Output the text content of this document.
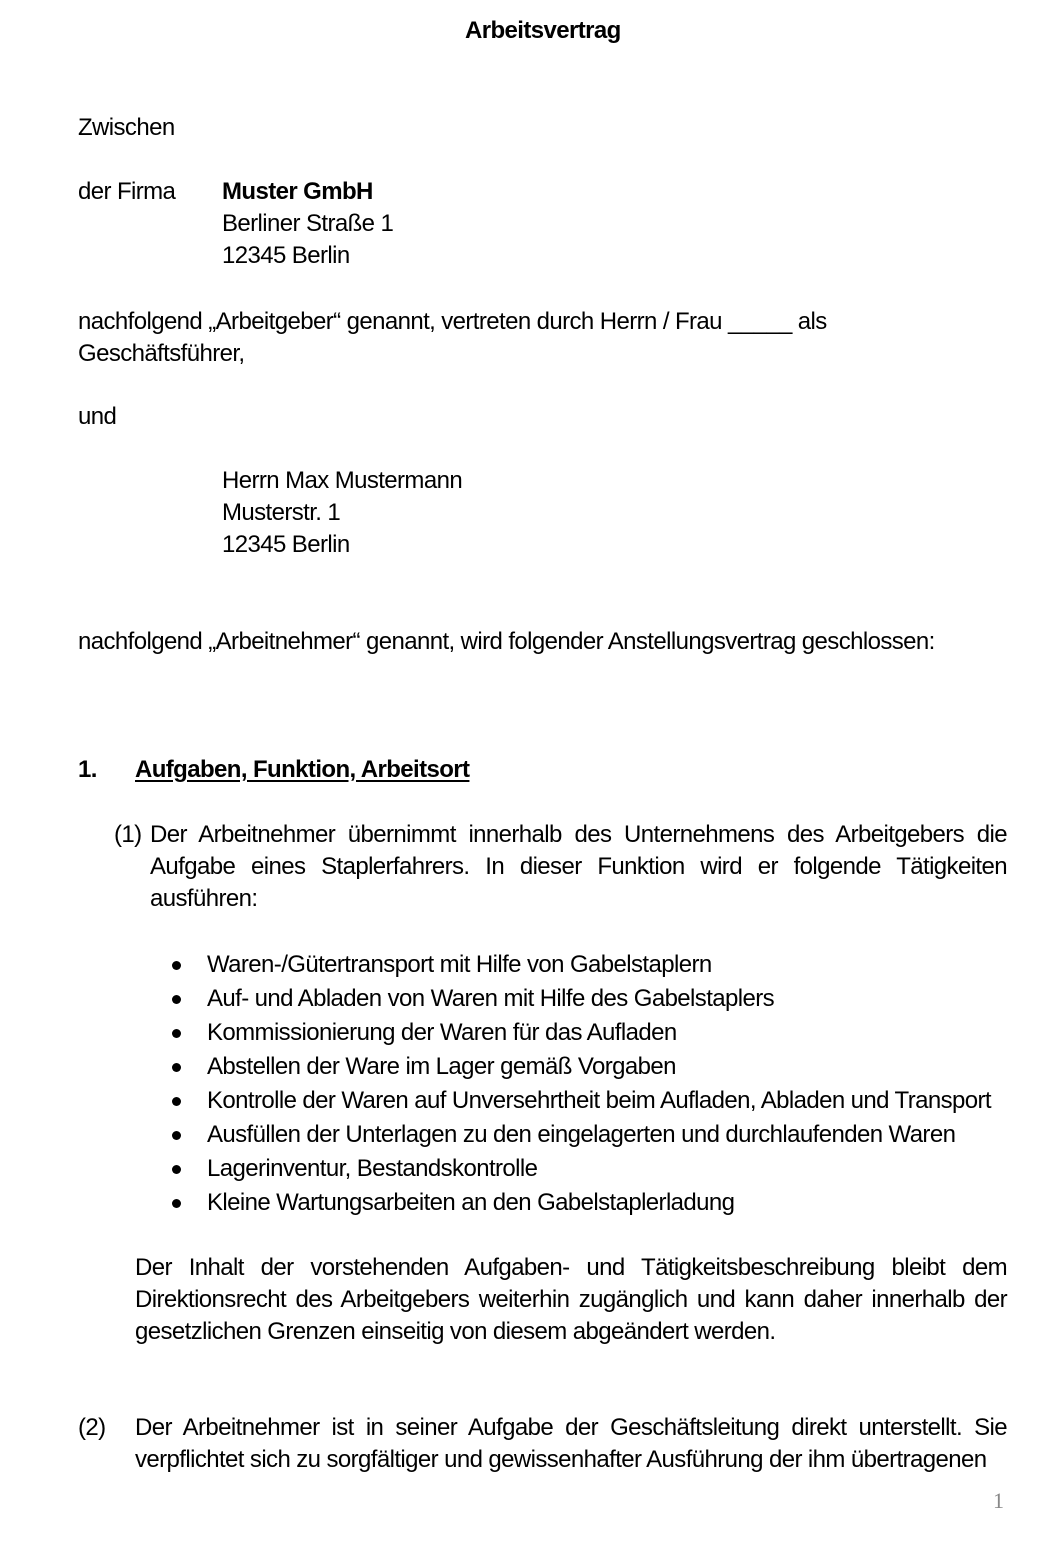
Arbeitsvertrag
Zwischen
der Firma Muster GmbH
Berliner Straße 1
12345 Berlin
nachfolgend „Arbeitgeber“ genannt, vertreten durch Herrn / Frau _____ als
Geschäftsführer,
und
Herrn Max Mustermann
Musterstr. 1
12345 Berlin
nachfolgend „Arbeitnehmer“ genannt, wird folgender Anstellungsvertrag geschlossen:
1. Aufgaben, Funktion, Arbeitsort
(1) Der Arbeitnehmer übernimmt innerhalb des Unternehmens des Arbeitgebers die Aufgabe eines Staplerfahrers. In dieser Funktion wird er folgende Tätigkeiten ausführen:
Waren-/Gütertransport mit Hilfe von Gabelstaplern
Auf- und Abladen von Waren mit Hilfe des Gabelstaplers
Kommissionierung der Waren für das Aufladen
Abstellen der Ware im Lager gemäß Vorgaben
Kontrolle der Waren auf Unversehrtheit beim Aufladen, Abladen und Transport
Ausfüllen der Unterlagen zu den eingelagerten und durchlaufenden Waren
Lagerinventur, Bestandskontrolle
Kleine Wartungsarbeiten an den Gabelstaplerladung
Der Inhalt der vorstehenden Aufgaben- und Tätigkeitsbeschreibung bleibt dem Direktionsrecht des Arbeitgebers weiterhin zugänglich und kann daher innerhalb der gesetzlichen Grenzen einseitig von diesem abgeändert werden.
(2) Der Arbeitnehmer ist in seiner Aufgabe der Geschäftsleitung direkt unterstellt. Sie verpflichtet sich zu sorgfältiger und gewissenhafter Ausführung der ihm übertragenen
1
